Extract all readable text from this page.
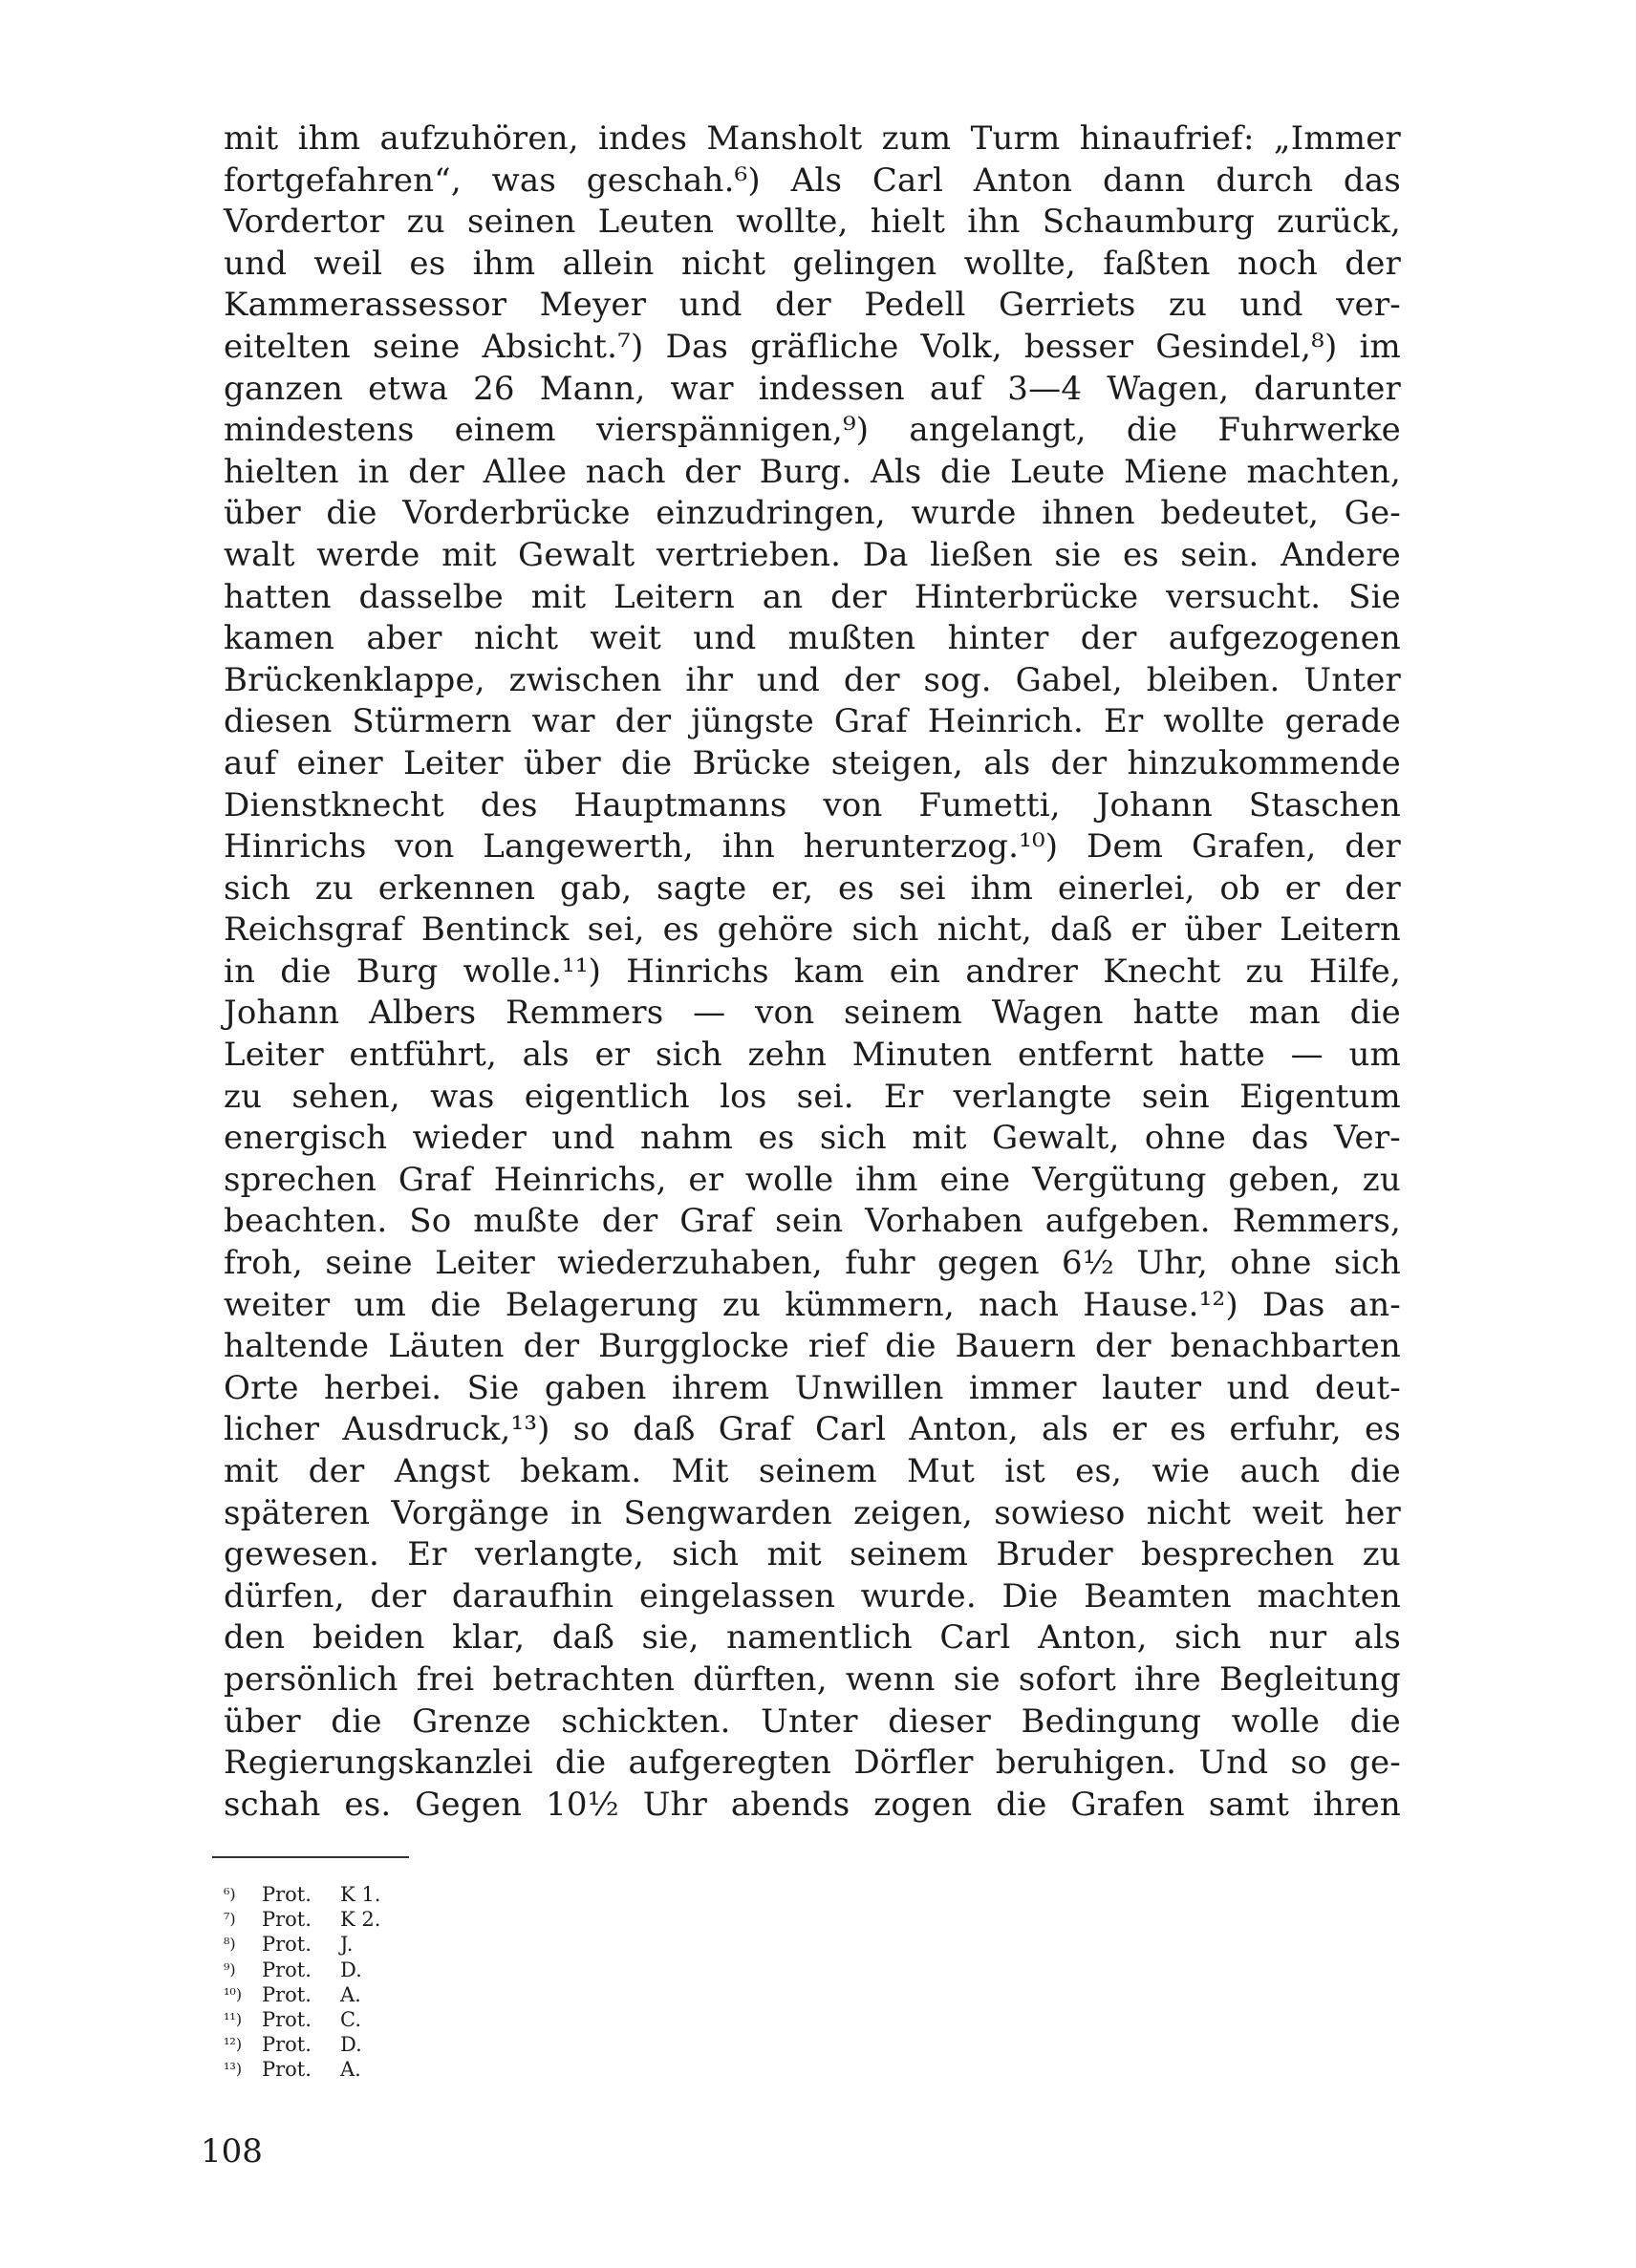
mit ihm aufzuhören, indes Mansholt zum Turm hinaufrief: „Immer
fortgefahren“, was geschah.⁶) Als Carl Anton dann durch das
Vordertor zu seinen Leuten wollte, hielt ihn Schaumburg zurück,
und weil es ihm allein nicht gelingen wollte, faßten noch der
Kammerassessor Meyer und der Pedell Gerriets zu und ver-
eitelten seine Absicht.⁷) Das gräfliche Volk, besser Gesindel,⁸) im
ganzen etwa 26 Mann, war indessen auf 3—4 Wagen, darunter
mindestens einem vierspännigen,⁹) angelangt, die Fuhrwerke
hielten in der Allee nach der Burg. Als die Leute Miene machten,
über die Vorderbrücke einzudringen, wurde ihnen bedeutet, Ge-
walt werde mit Gewalt vertrieben. Da ließen sie es sein. Andere
hatten dasselbe mit Leitern an der Hinterbrücke versucht. Sie
kamen aber nicht weit und mußten hinter der aufgezogenen
Brückenklappe, zwischen ihr und der sog. Gabel, bleiben. Unter
diesen Stürmern war der jüngste Graf Heinrich. Er wollte gerade
auf einer Leiter über die Brücke steigen, als der hinzukommende
Dienstknecht des Hauptmanns von Fumetti, Johann Staschen
Hinrichs von Langewerth, ihn herunterzog.¹⁰) Dem Grafen, der
sich zu erkennen gab, sagte er, es sei ihm einerlei, ob er der
Reichsgraf Bentinck sei, es gehöre sich nicht, daß er über Leitern
in die Burg wolle.¹¹) Hinrichs kam ein andrer Knecht zu Hilfe,
Johann Albers Remmers — von seinem Wagen hatte man die
Leiter entführt, als er sich zehn Minuten entfernt hatte — um
zu sehen, was eigentlich los sei. Er verlangte sein Eigentum
energisch wieder und nahm es sich mit Gewalt, ohne das Ver-
sprechen Graf Heinrichs, er wolle ihm eine Vergütung geben, zu
beachten. So mußte der Graf sein Vorhaben aufgeben. Remmers,
froh, seine Leiter wiederzuhaben, fuhr gegen 6½ Uhr, ohne sich
weiter um die Belagerung zu kümmern, nach Hause.¹²) Das an-
haltende Läuten der Burgglocke rief die Bauern der benachbarten
Orte herbei. Sie gaben ihrem Unwillen immer lauter und deut-
licher Ausdruck,¹³) so daß Graf Carl Anton, als er es erfuhr, es
mit der Angst bekam. Mit seinem Mut ist es, wie auch die
späteren Vorgänge in Sengwarden zeigen, sowieso nicht weit her
gewesen. Er verlangte, sich mit seinem Bruder besprechen zu
dürfen, der daraufhin eingelassen wurde. Die Beamten machten
den beiden klar, daß sie, namentlich Carl Anton, sich nur als
persönlich frei betrachten dürften, wenn sie sofort ihre Begleitung
über die Grenze schickten. Unter dieser Bedingung wolle die
Regierungskanzlei die aufgeregten Dörfler beruhigen. Und so ge-
schah es. Gegen 10½ Uhr abends zogen die Grafen samt ihren
⁶)	Prot.	K 1.
⁷)	Prot.	K 2.
⁸)	Prot.	J.
⁹)	Prot.	D.
¹⁰) Prot.	A.
¹¹) Prot.	C.
¹²) Prot.	D.
¹³) Prot.	A.
108
